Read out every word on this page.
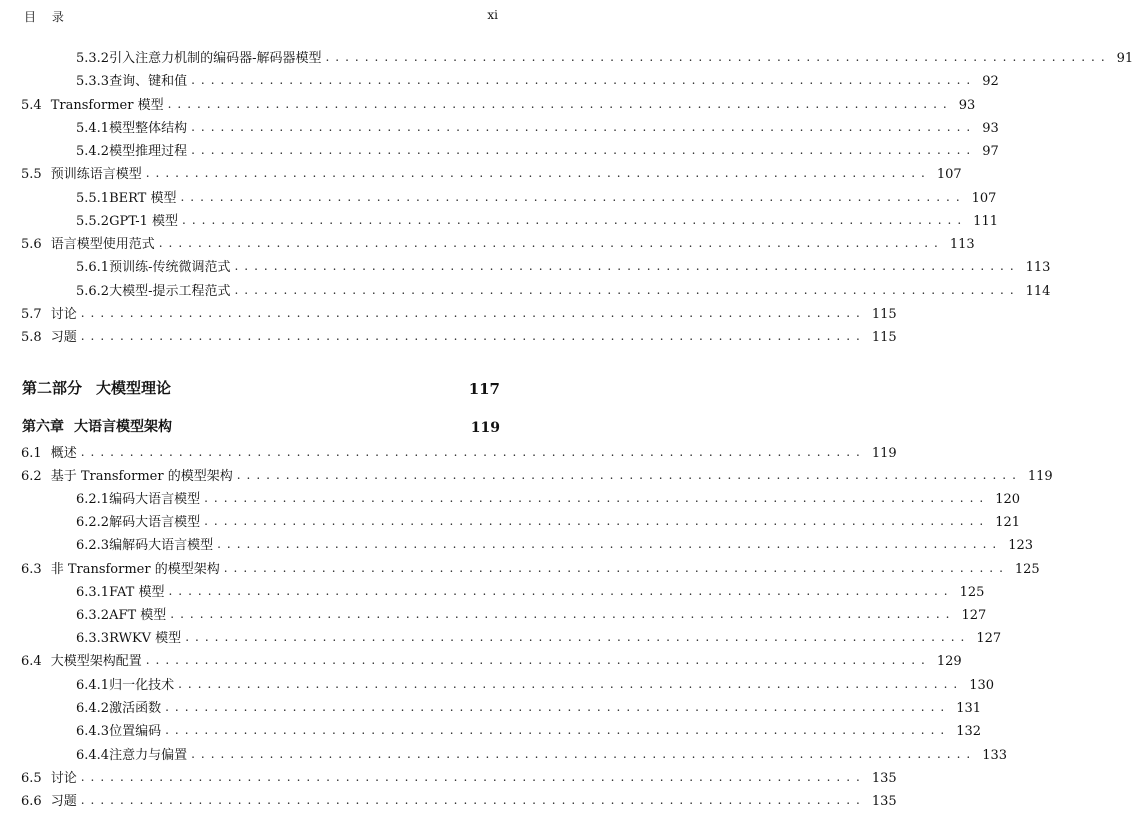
目 录	xi
5.3.2 引入注意力机制的编码器-解码器模型 ................................................................................ 91
5.3.3 查询、键和值 ................................................................................ 92
5.4 Transformer 模型 ................................................................................ 93
5.4.1 模型整体结构 ................................................................................ 93
5.4.2 模型推理过程 ................................................................................ 97
5.5 预训练语言模型 ................................................................................ 107
5.5.1 BERT 模型 ................................................................................ 107
5.5.2 GPT-1 模型 ................................................................................ 111
5.6 语言模型使用范式 ................................................................................ 113
5.6.1 预训练-传统微调范式 ................................................................................ 113
5.6.2 大模型-提示工程范式 ................................................................................ 114
5.7 讨论 ................................................................................ 115
5.8 习题 ................................................................................ 115
第二部分 大模型理论	117
第六章 大语言模型架构	119
6.1 概述 ................................................................................ 119
6.2 基于 Transformer 的模型架构 ................................................................................ 119
6.2.1 编码大语言模型 ................................................................................ 120
6.2.2 解码大语言模型 ................................................................................ 121
6.2.3 编解码大语言模型 ................................................................................ 123
6.3 非 Transformer 的模型架构 ................................................................................ 125
6.3.1 FAT 模型 ................................................................................ 125
6.3.2 AFT 模型 ................................................................................ 127
6.3.3 RWKV 模型 ................................................................................ 127
6.4 大模型架构配置 ................................................................................ 129
6.4.1 归一化技术 ................................................................................ 130
6.4.2 激活函数 ................................................................................ 131
6.4.3 位置编码 ................................................................................ 132
6.4.4 注意力与偏置 ................................................................................ 133
6.5 讨论 ................................................................................ 135
6.6 习题 ................................................................................ 135
